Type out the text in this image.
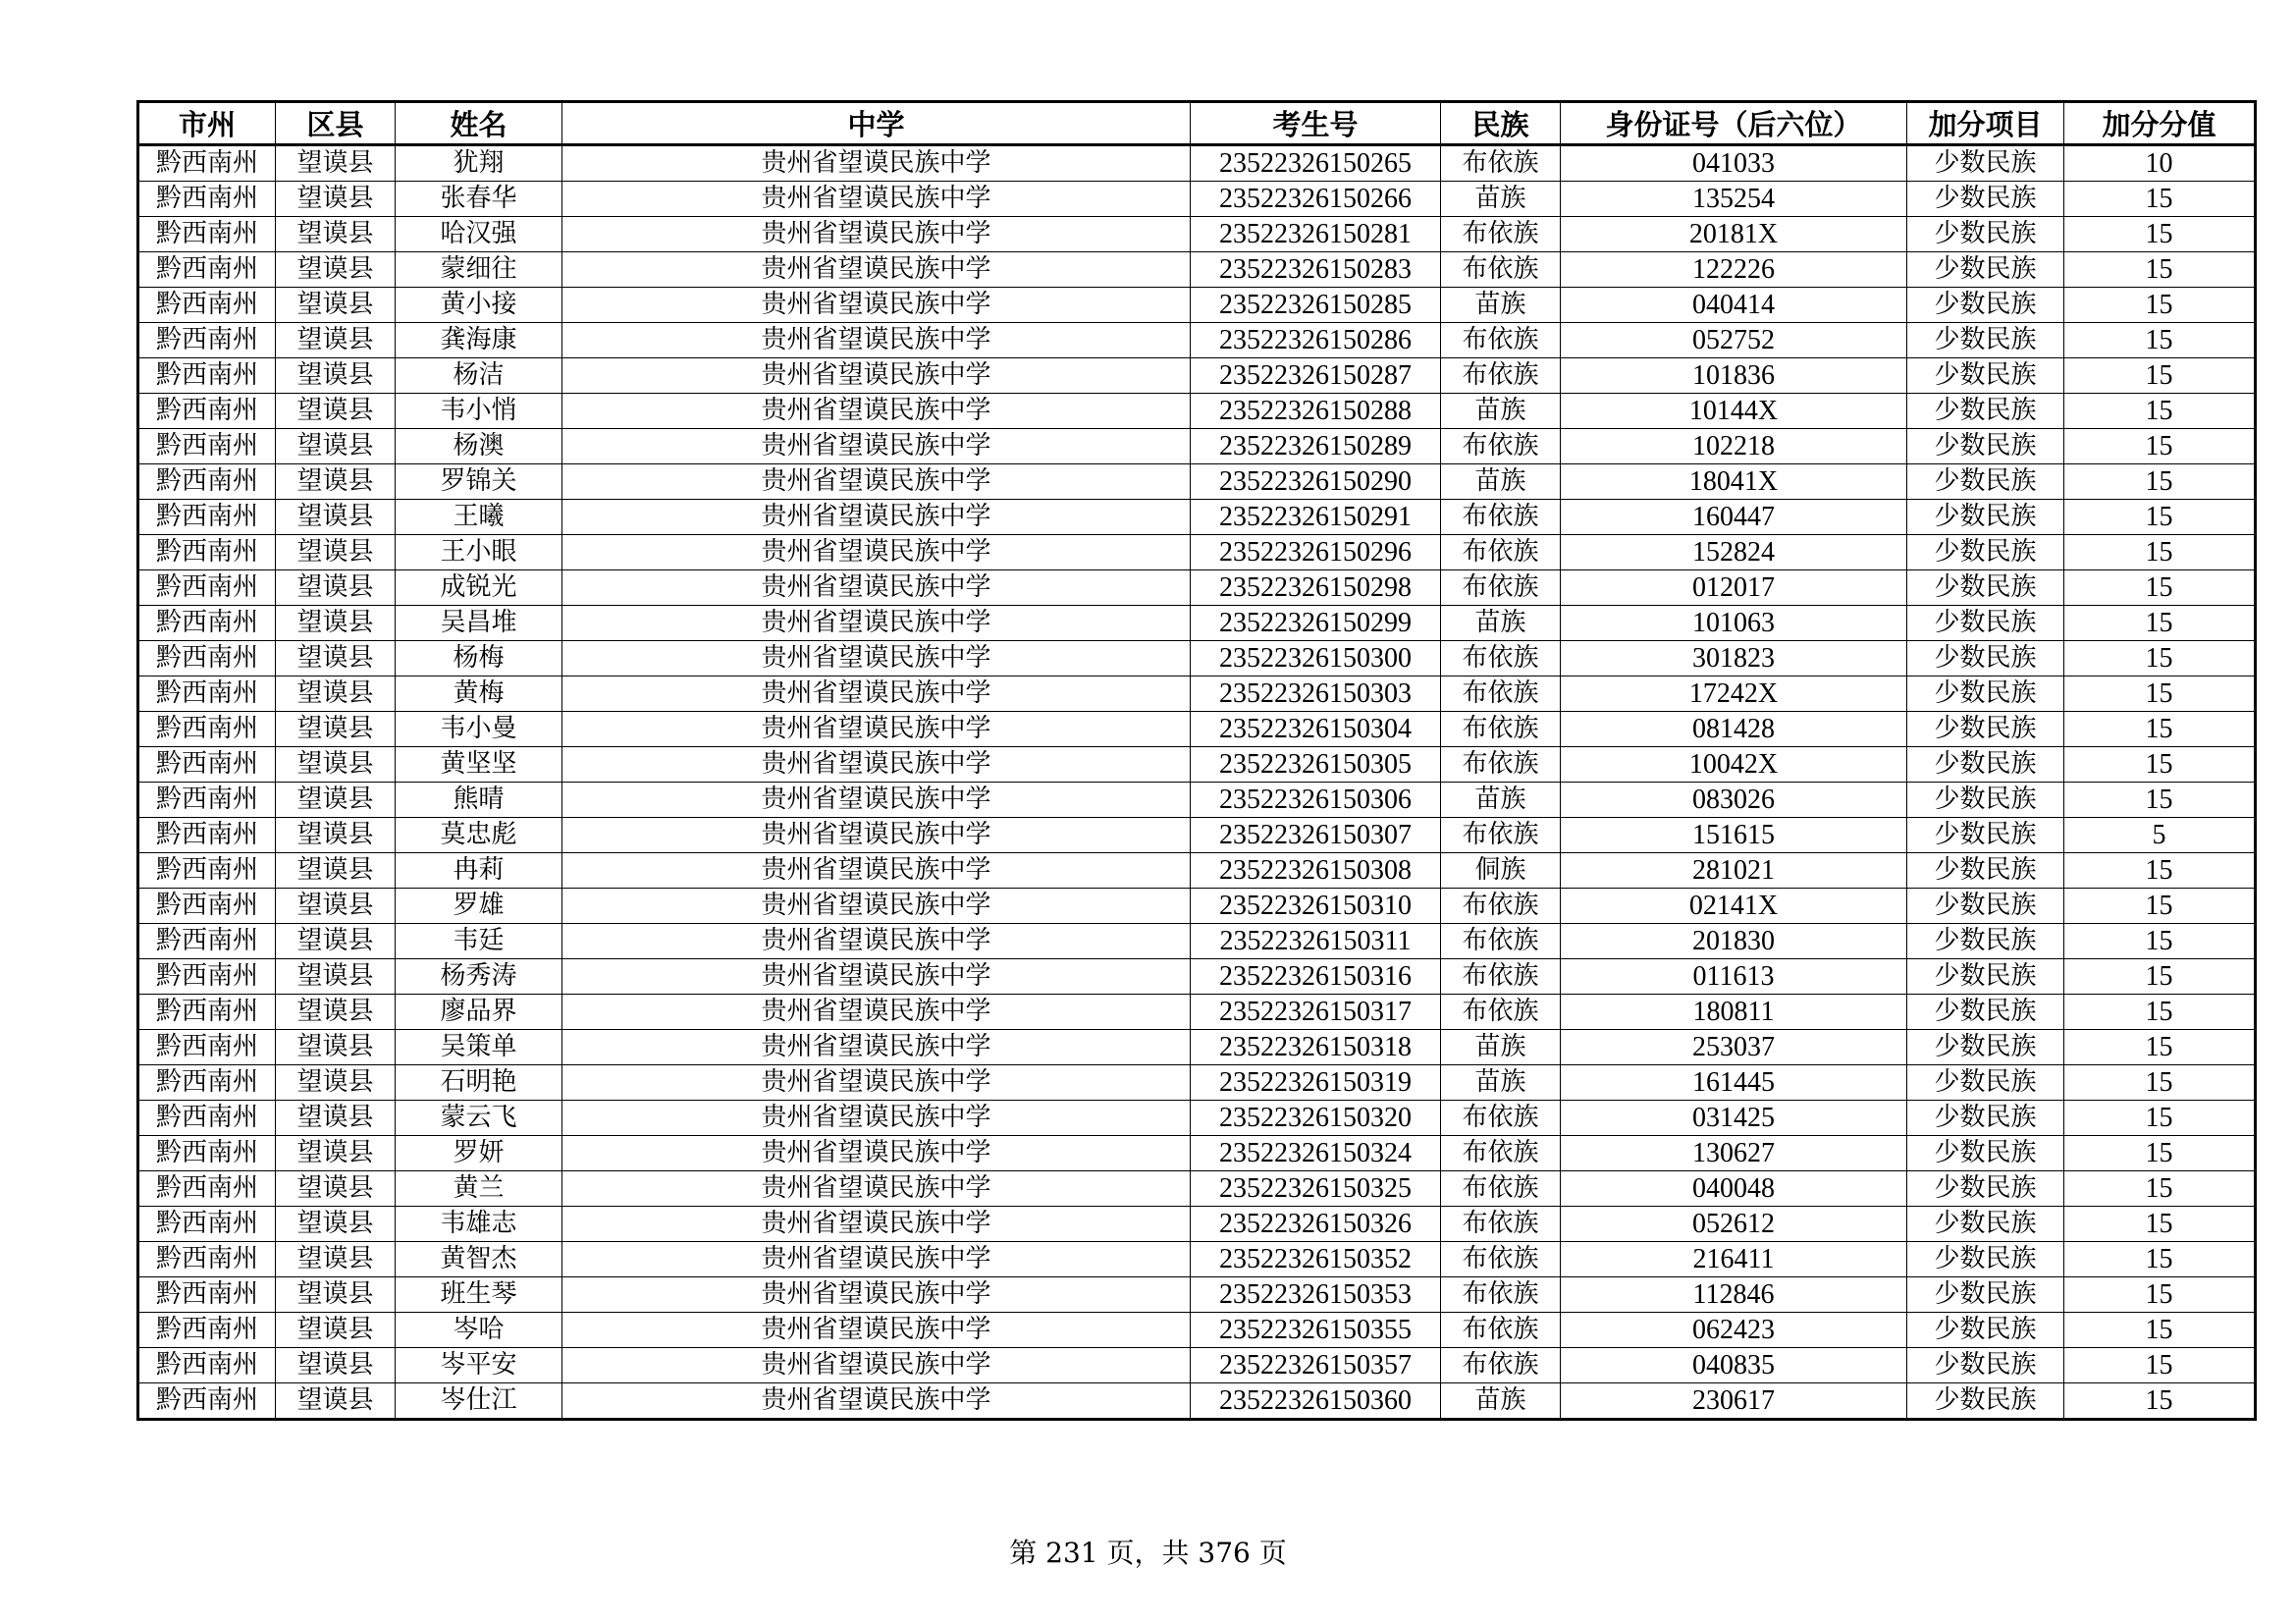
市州	区县	姓名	中学	考生号	民族	身份证号（后六位）	加分项目	加分分值
黔西南州	望谟县	犹翔	贵州省望谟民族中学	23522326150265	布依族	041033	少数民族	10
黔西南州	望谟县	张春华	贵州省望谟民族中学	23522326150266	苗族	135254	少数民族	15
黔西南州	望谟县	哈汉强	贵州省望谟民族中学	23522326150281	布依族	20181X	少数民族	15
黔西南州	望谟县	蒙细往	贵州省望谟民族中学	23522326150283	布依族	122226	少数民族	15
黔西南州	望谟县	黄小接	贵州省望谟民族中学	23522326150285	苗族	040414	少数民族	15
黔西南州	望谟县	龚海康	贵州省望谟民族中学	23522326150286	布依族	052752	少数民族	15
黔西南州	望谟县	杨洁	贵州省望谟民族中学	23522326150287	布依族	101836	少数民族	15
黔西南州	望谟县	韦小悄	贵州省望谟民族中学	23522326150288	苗族	10144X	少数民族	15
黔西南州	望谟县	杨澳	贵州省望谟民族中学	23522326150289	布依族	102218	少数民族	15
黔西南州	望谟县	罗锦关	贵州省望谟民族中学	23522326150290	苗族	18041X	少数民族	15
黔西南州	望谟县	王曦	贵州省望谟民族中学	23522326150291	布依族	160447	少数民族	15
黔西南州	望谟县	王小眼	贵州省望谟民族中学	23522326150296	布依族	152824	少数民族	15
黔西南州	望谟县	成锐光	贵州省望谟民族中学	23522326150298	布依族	012017	少数民族	15
黔西南州	望谟县	吴昌堆	贵州省望谟民族中学	23522326150299	苗族	101063	少数民族	15
黔西南州	望谟县	杨梅	贵州省望谟民族中学	23522326150300	布依族	301823	少数民族	15
黔西南州	望谟县	黄梅	贵州省望谟民族中学	23522326150303	布依族	17242X	少数民族	15
黔西南州	望谟县	韦小曼	贵州省望谟民族中学	23522326150304	布依族	081428	少数民族	15
黔西南州	望谟县	黄坚坚	贵州省望谟民族中学	23522326150305	布依族	10042X	少数民族	15
黔西南州	望谟县	熊晴	贵州省望谟民族中学	23522326150306	苗族	083026	少数民族	15
黔西南州	望谟县	莫忠彪	贵州省望谟民族中学	23522326150307	布依族	151615	少数民族	5
黔西南州	望谟县	冉莉	贵州省望谟民族中学	23522326150308	侗族	281021	少数民族	15
黔西南州	望谟县	罗雄	贵州省望谟民族中学	23522326150310	布依族	02141X	少数民族	15
黔西南州	望谟县	韦廷	贵州省望谟民族中学	23522326150311	布依族	201830	少数民族	15
黔西南州	望谟县	杨秀涛	贵州省望谟民族中学	23522326150316	布依族	011613	少数民族	15
黔西南州	望谟县	廖品界	贵州省望谟民族中学	23522326150317	布依族	180811	少数民族	15
黔西南州	望谟县	吴策单	贵州省望谟民族中学	23522326150318	苗族	253037	少数民族	15
黔西南州	望谟县	石明艳	贵州省望谟民族中学	23522326150319	苗族	161445	少数民族	15
黔西南州	望谟县	蒙云飞	贵州省望谟民族中学	23522326150320	布依族	031425	少数民族	15
黔西南州	望谟县	罗妍	贵州省望谟民族中学	23522326150324	布依族	130627	少数民族	15
黔西南州	望谟县	黄兰	贵州省望谟民族中学	23522326150325	布依族	040048	少数民族	15
黔西南州	望谟县	韦雄志	贵州省望谟民族中学	23522326150326	布依族	052612	少数民族	15
黔西南州	望谟县	黄智杰	贵州省望谟民族中学	23522326150352	布依族	216411	少数民族	15
黔西南州	望谟县	班生琴	贵州省望谟民族中学	23522326150353	布依族	112846	少数民族	15
黔西南州	望谟县	岑哈	贵州省望谟民族中学	23522326150355	布依族	062423	少数民族	15
黔西南州	望谟县	岑平安	贵州省望谟民族中学	23522326150357	布依族	040835	少数民族	15
黔西南州	望谟县	岑仕江	贵州省望谟民族中学	23522326150360	苗族	230617	少数民族	15
第 231 页，共 376 页
